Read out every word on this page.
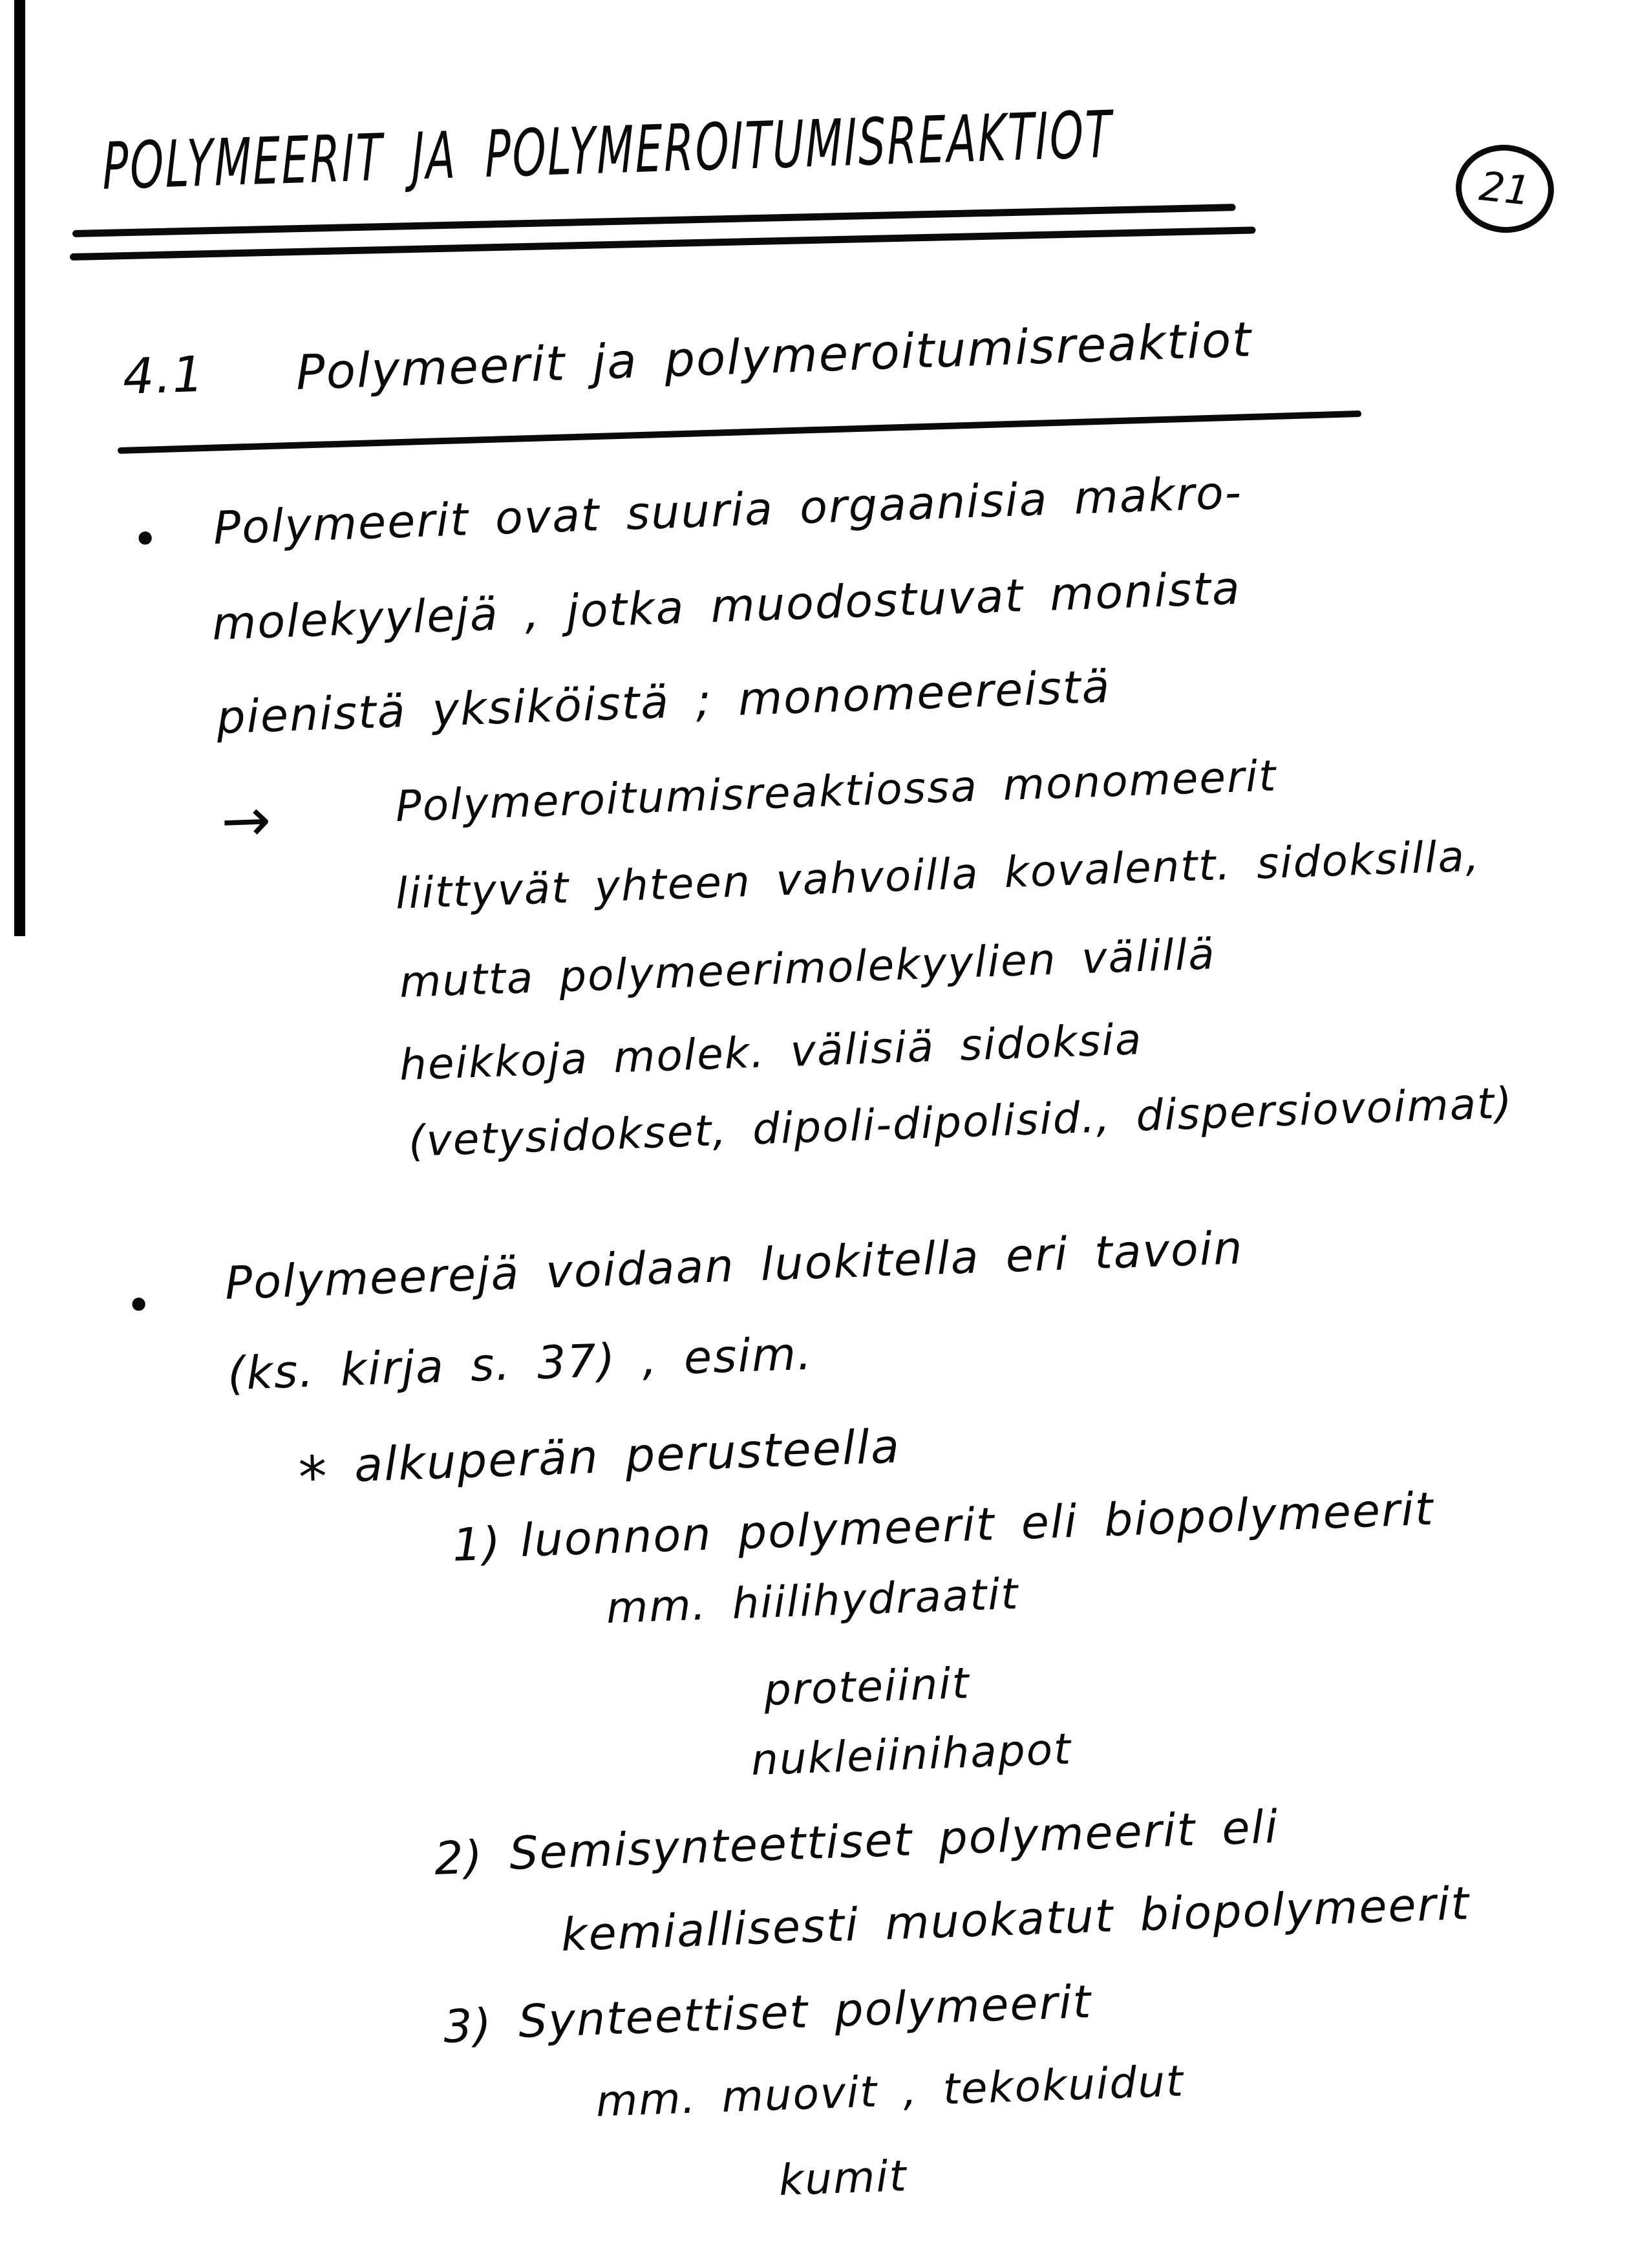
POLYMEERIT JA POLYMEROITUMISREAKTIOT	21
4.1 Polymeerit ja polymeroitumisreaktiot
• Polymeerit ovat suuria orgaanisia makro-
molekyylejä , jotka muodostuvat monista
pienistä yksiköistä ; monomeereistä
→	Polymeroitumisreaktiossa monomeerit
liittyvät yhteen vahvoilla kovalentt. sidoksilla,
mutta polymeerimolekyylien välillä
heikkoja molek. välisiä sidoksia
(vetysidokset, dipoli-dipolisid., dispersiovoimat)
• Polymeerejä voidaan luokitella eri tavoin
(ks. kirja s. 37) , esim.
* alkuperän perusteella
1) luonnon polymeerit eli biopolymeerit
mm. hiilihydraatit
proteiinit
nukleiinihapot
2) Semisynteettiset polymeerit eli
kemiallisesti muokatut biopolymeerit
3) Synteettiset polymeerit
mm. muovit , tekokuidut
kumit
